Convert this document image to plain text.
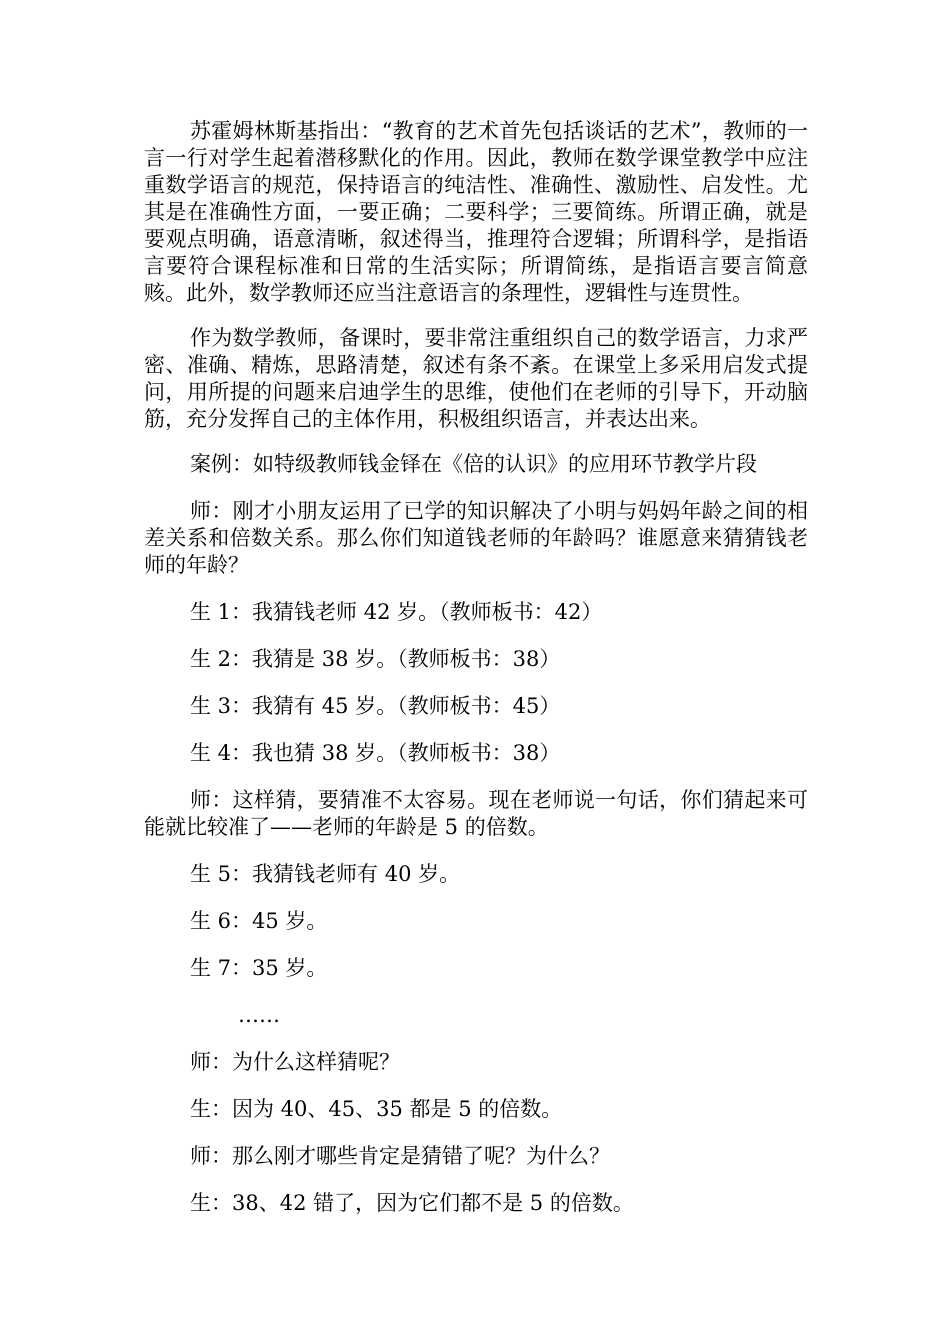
苏霍姆林斯基指出：“教育的艺术首先包括谈话的艺术”，教师的一言一行对学生起着潜移默化的作用。因此，教师在数学课堂教学中应注重数学语言的规范，保持语言的纯洁性、准确性、激励性、启发性。尤其是在准确性方面，一要正确；二要科学；三要简练。所谓正确，就是要观点明确，语意清晰，叙述得当，推理符合逻辑；所谓科学，是指语言要符合课程标准和日常的生活实际；所谓简练，是指语言要言简意赅。此外，数学教师还应当注意语言的条理性，逻辑性与连贯性。

作为数学教师，备课时，要非常注重组织自己的数学语言，力求严密、准确、精炼，思路清楚，叙述有条不紊。在课堂上多采用启发式提问，用所提的问题来启迪学生的思维，使他们在老师的引导下，开动脑筋，充分发挥自己的主体作用，积极组织语言，并表达出来。

案例：如特级教师钱金铎在《倍的认识》的应用环节教学片段

师：刚才小朋友运用了已学的知识解决了小明与妈妈年龄之间的相差关系和倍数关系。那么你们知道钱老师的年龄吗？谁愿意来猜猜钱老师的年龄？

生 1：我猜钱老师 42 岁。（教师板书：42）

生 2：我猜是 38 岁。（教师板书：38）

生 3：我猜有 45 岁。（教师板书：45）

生 4：我也猜 38 岁。（教师板书：38）

师：这样猜，要猜准不太容易。现在老师说一句话，你们猜起来可能就比较准了——老师的年龄是 5 的倍数。

生 5：我猜钱老师有 40 岁。

生 6：45 岁。

生 7：35 岁。

……

师：为什么这样猜呢？

生：因为 40、45、35 都是 5 的倍数。

师：那么刚才哪些肯定是猜错了呢？为什么？

生：38、42 错了，因为它们都不是 5 的倍数。
